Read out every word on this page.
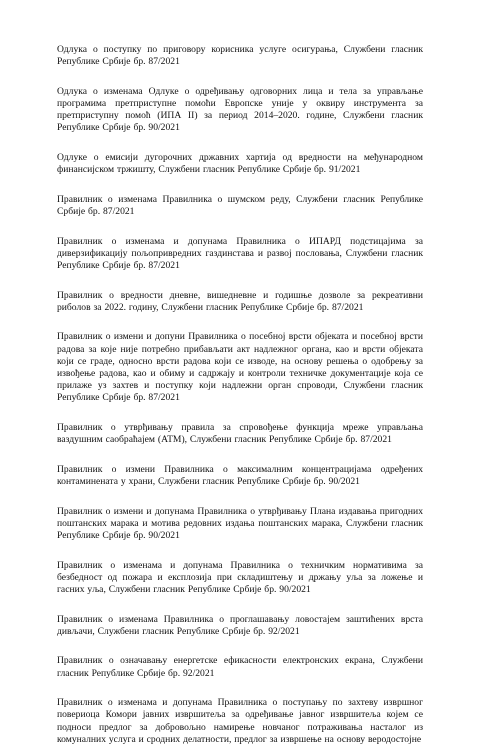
Одлука о поступку по приговору корисника услуге осигурања, Службени гласник Републике Србије бр. 87/2021

Одлука о изменама Одлуке о одређивању одговорних лица и тела за управљање програмима претприступне помоћи Европске уније у оквиру инструмента за претприступну помоћ (ИПА II) за период 2014–2020. године, Службени гласник Републике Србије бр. 90/2021

Одлуке о емисији дугорочних државних хартија од вредности на међународном финансијском тржишту, Службени гласник Републике Србије бр. 91/2021

Правилник о изменама Правилника о шумском реду, Службени гласник Републике Србије бр. 87/2021

Правилник о изменама и допунама Правилника о ИПАРД подстицајима за диверзификацију пољопривредних газдинстава и развој пословања, Службени гласник Републике Србије бр. 87/2021

Правилник о вредности дневне, вишедневне и годишње дозволе за рекреативни риболов за 2022. годину, Службени гласник Републике Србије бр. 87/2021

Правилник о измени и допуни Правилника о посебној врсти објеката и посебној врсти радова за које није потребно прибављати акт надлежног органа, као и врсти објеката који се граде, односно врсти радова који се изводе, на основу решења о одобрењу за извођење радова, као и обиму и садржају и контроли техничке документације која се прилаже уз захтев и поступку који надлежни орган спроводи, Службени гласник Републике Србије бр. 87/2021

Правилник о утврђивању правила за спровођење функција мреже управљања ваздушним саобраћајем (АТМ), Службени гласник Републике Србије бр. 87/2021

Правилник о измени Правилника о максималним концентрацијама одређених контаминената у храни, Службени гласник Републике Србије бр. 90/2021

Правилник о измени и допунама Правилника о утврђивању Плана издавања пригодних поштанских марака и мотива редовних издања поштанских марака, Службени гласник Републике Србије бр. 90/2021

Правилник о изменама и допунама Правилника о техничким нормативима за безбедност од пожара и експлозија при складиштењу и држању уља за ложење и гасних уља, Службени гласник Републике Србије бр. 90/2021

Правилник о изменама Правилника о проглашавању ловостајем заштићених врста дивљачи, Службени гласник Републике Србије бр. 92/2021

Правилник о означавању енергетске ефикасности електронских екрана, Службени гласник Републике Србије бр. 92/2021

Правилник о изменама и допунама Правилника о поступању по захтеву извршног повериоца Комори јавних извршитеља за одређивање јавног извршитеља којем се подноси предлог за добровољно намирење новчаног потраживања насталог из комуналних услуга и сродних делатности, предлог за извршење на основу веродостојне
